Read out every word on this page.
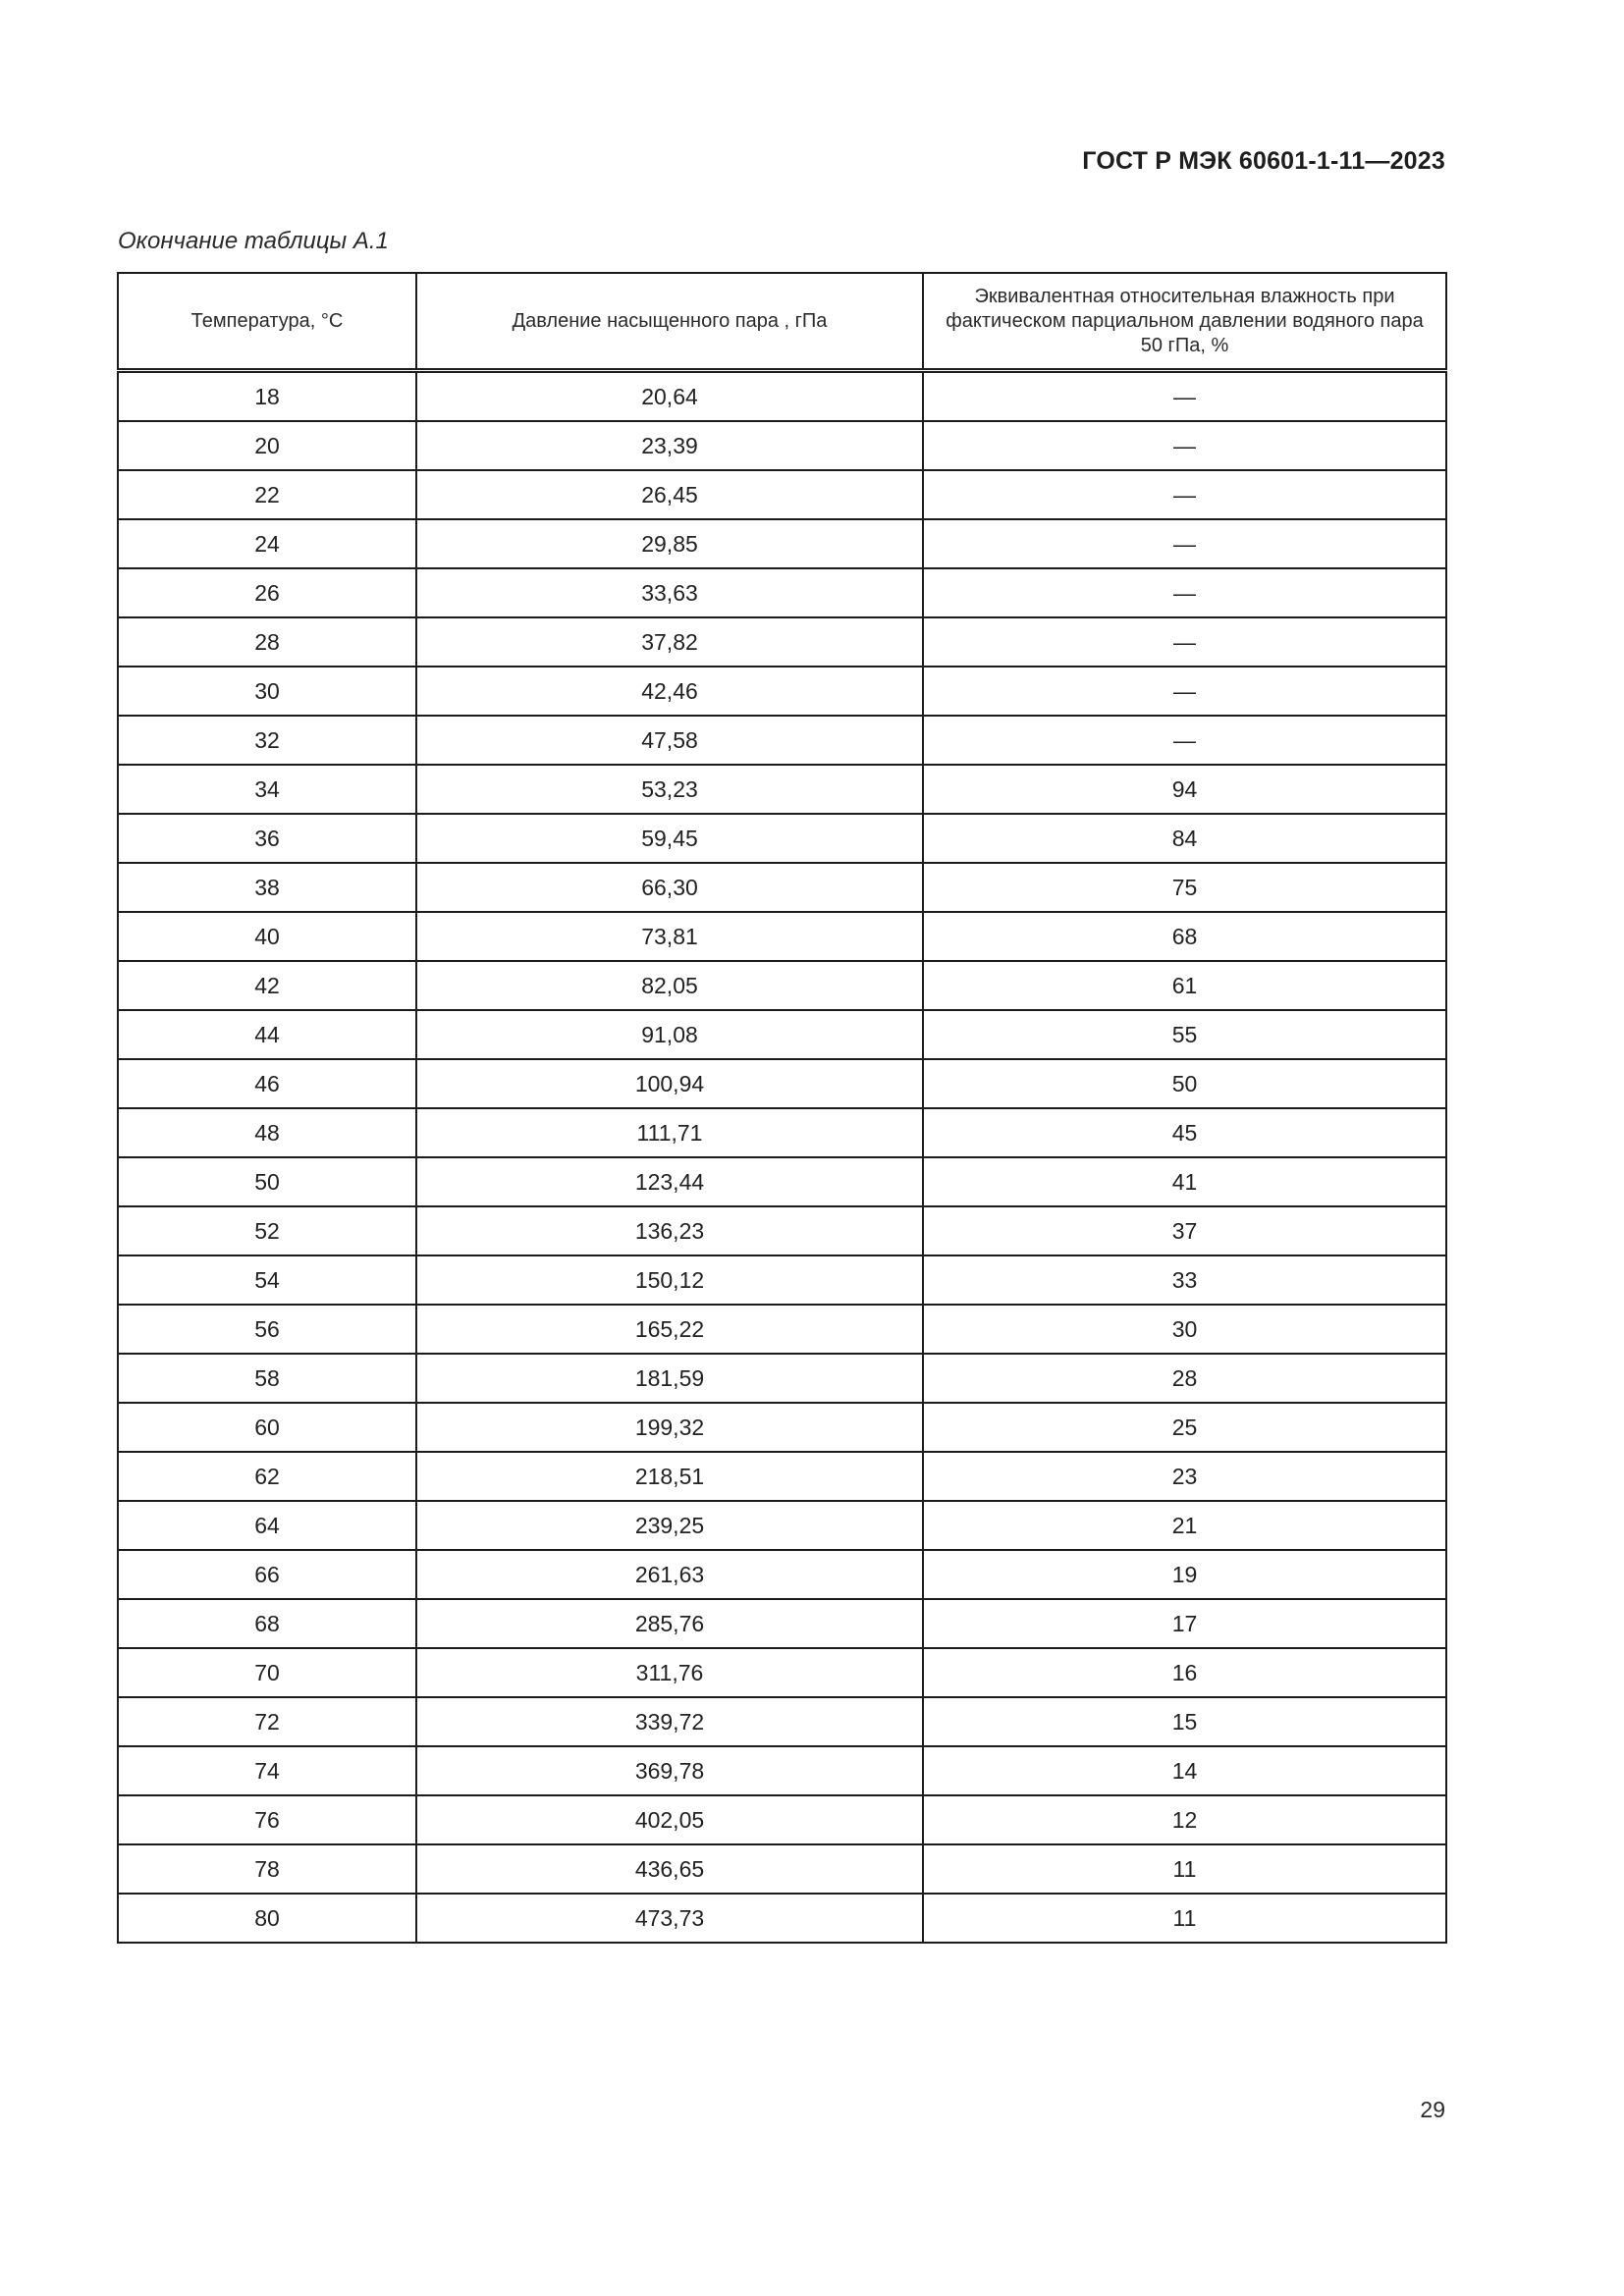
ГОСТ Р МЭК 60601-1-11—2023
Окончание таблицы А.1
Температура, °С	Давление насыщенного пара , гПа	Эквивалентная относительная влажность при фактическом парциальном давлении водяного пара 50 гПа, %
18	20,64	—
20	23,39	—
22	26,45	—
24	29,85	—
26	33,63	—
28	37,82	—
30	42,46	—
32	47,58	—
34	53,23	94
36	59,45	84
38	66,30	75
40	73,81	68
42	82,05	61
44	91,08	55
46	100,94	50
48	111,71	45
50	123,44	41
52	136,23	37
54	150,12	33
56	165,22	30
58	181,59	28
60	199,32	25
62	218,51	23
64	239,25	21
66	261,63	19
68	285,76	17
70	311,76	16
72	339,72	15
74	369,78	14
76	402,05	12
78	436,65	11
80	473,73	11
29
